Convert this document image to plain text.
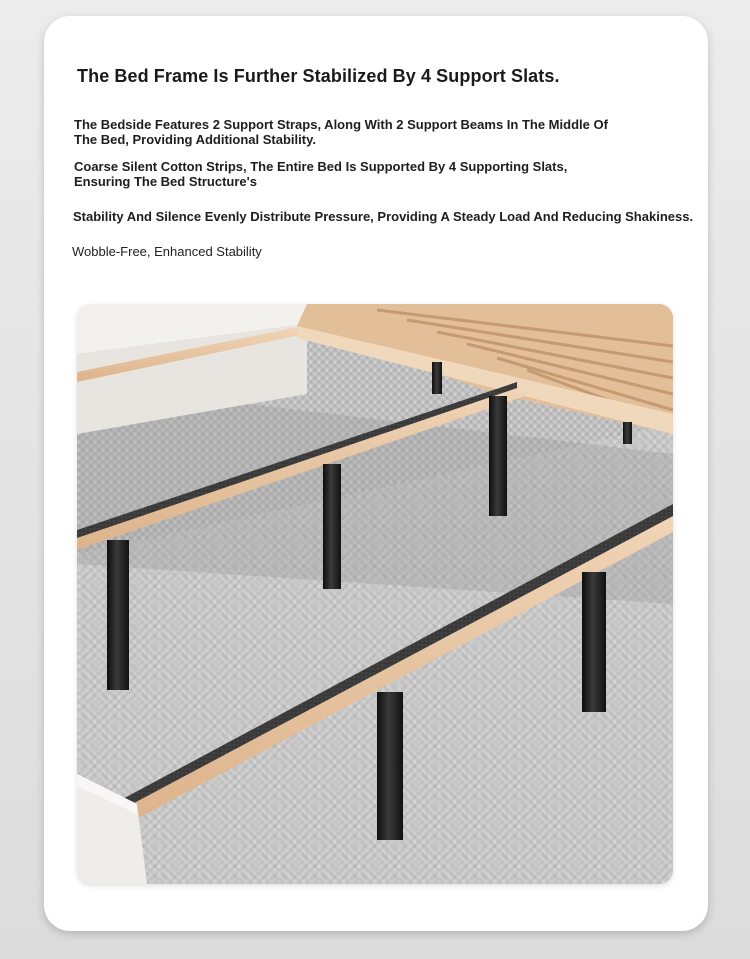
The Bed Frame Is Further Stabilized By 4 Support Slats.

The Bedside Features 2 Support Straps, Along With 2 Support Beams In The Middle Of The Bed, Providing Additional Stability.

Coarse Silent Cotton Strips, The Entire Bed Is Supported By 4 Supporting Slats, Ensuring The Bed Structure's

Stability And Silence Evenly Distribute Pressure, Providing A Steady Load And Reducing Shakiness.

Wobble-Free, Enhanced Stability
